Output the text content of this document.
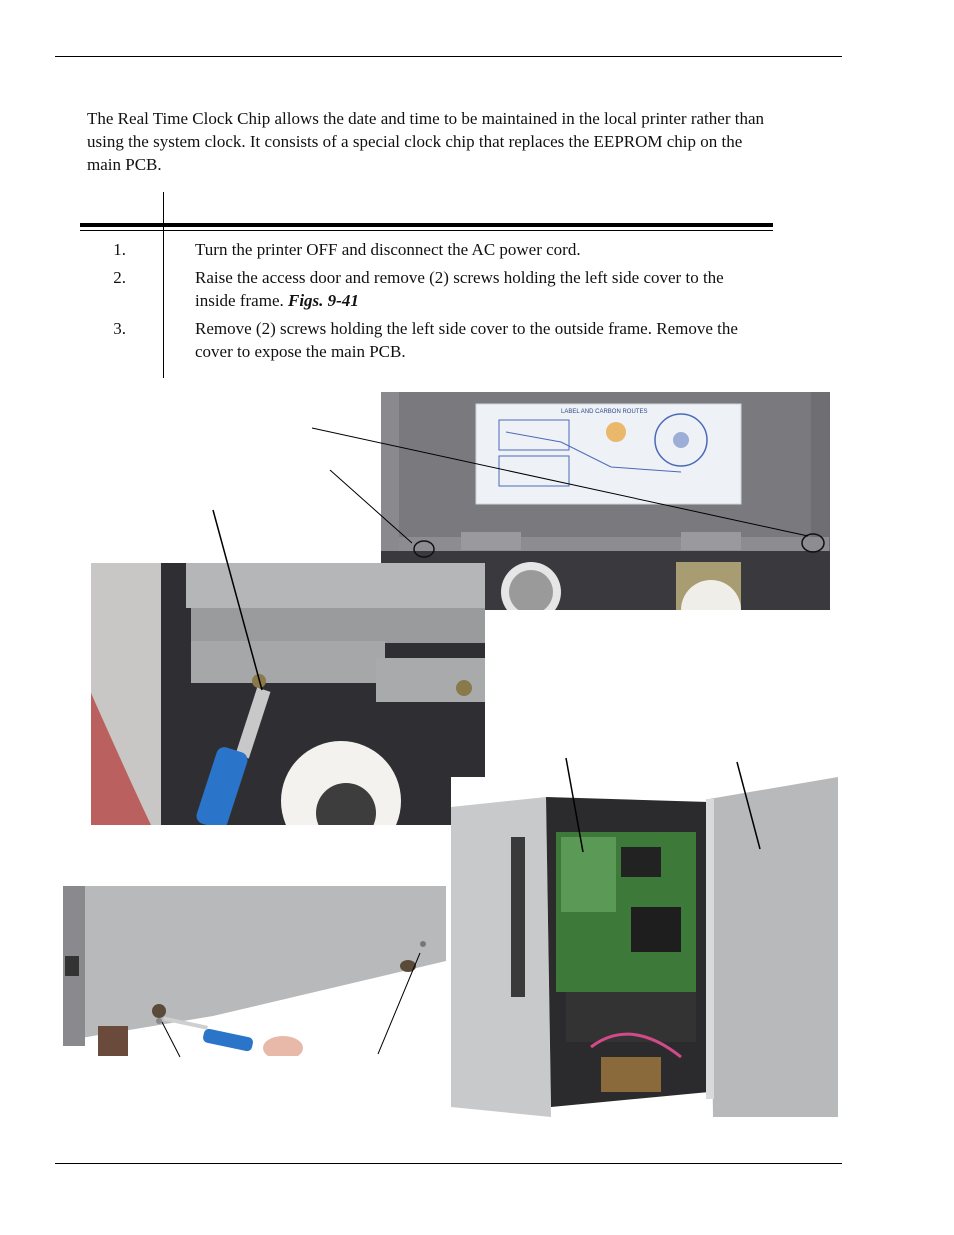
The Real Time Clock Chip allows the date and time to be maintained in the local printer rather than using the system clock. It consists of a special clock chip that replaces the EEPROM chip on the main PCB.
1.	Turn the printer OFF and disconnect the AC power cord.
2.	Raise the access door and remove (2) screws holding the left side cover to the inside frame. Figs. 9-41
3.	Remove (2) screws holding the left side cover to the outside frame. Remove the cover to expose the main PCB.
LABEL AND CARBON ROUTES
